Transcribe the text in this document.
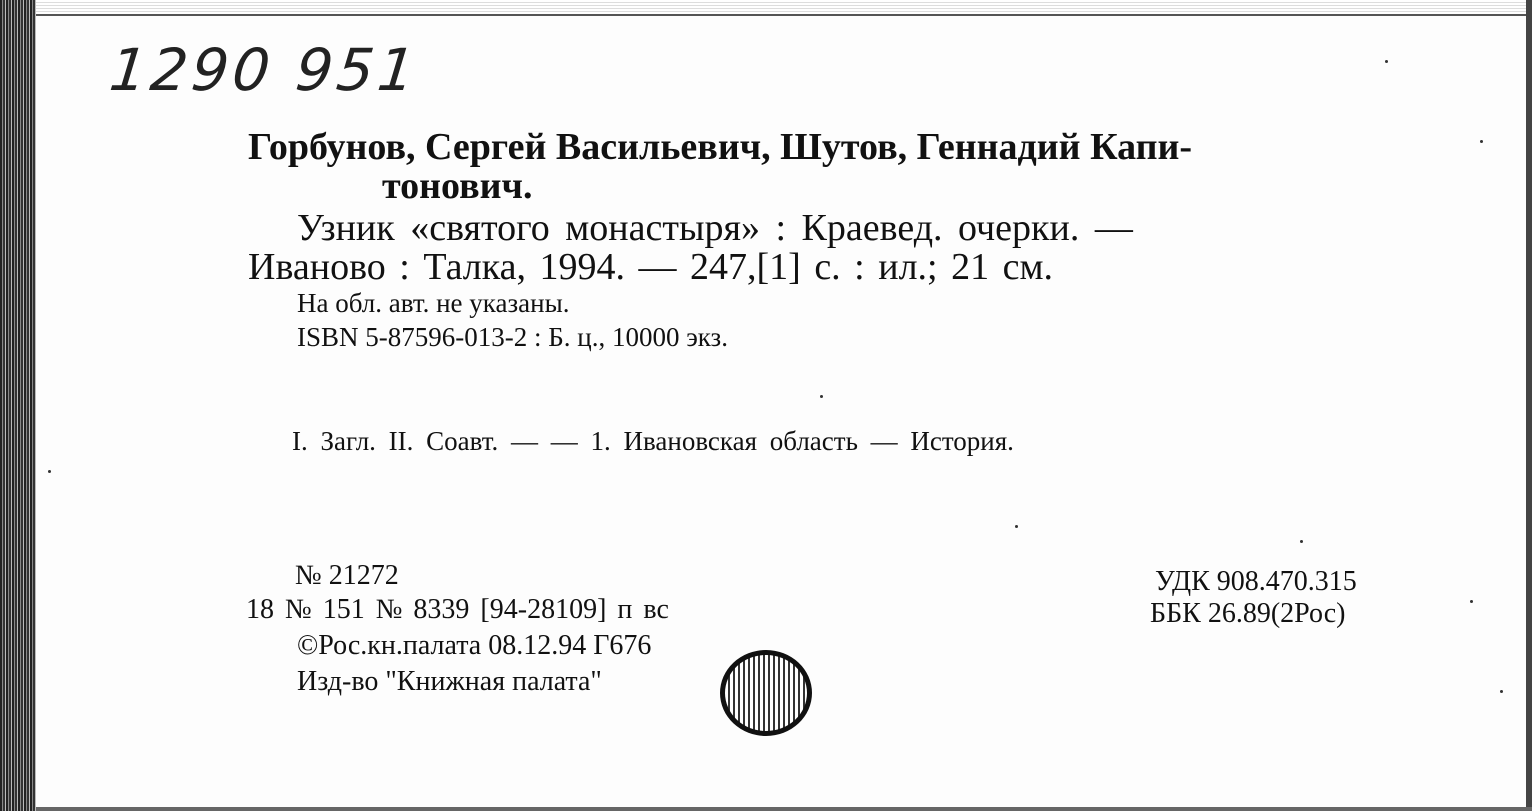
1290 951
Горбунов, Сергей Васильевич, Шутов, Геннадий Капи-
тонович.
Узник «святого монастыря» : Краевед. очерки. —
Иваново : Талка, 1994. — 247,[1] с. : ил.; 21 см.
На обл. авт. не указаны.
ISBN 5-87596-013-2 : Б. ц., 10000 экз.
I. Загл. II. Соавт. — — 1. Ивановская область — История.
№ 21272
18 № 151 № 8339 [94-28109] п вс
©Рос.кн.палата 08.12.94 Г676
Изд-во "Книжная палата"
УДК 908.470.315
ББК 26.89(2Рос)
